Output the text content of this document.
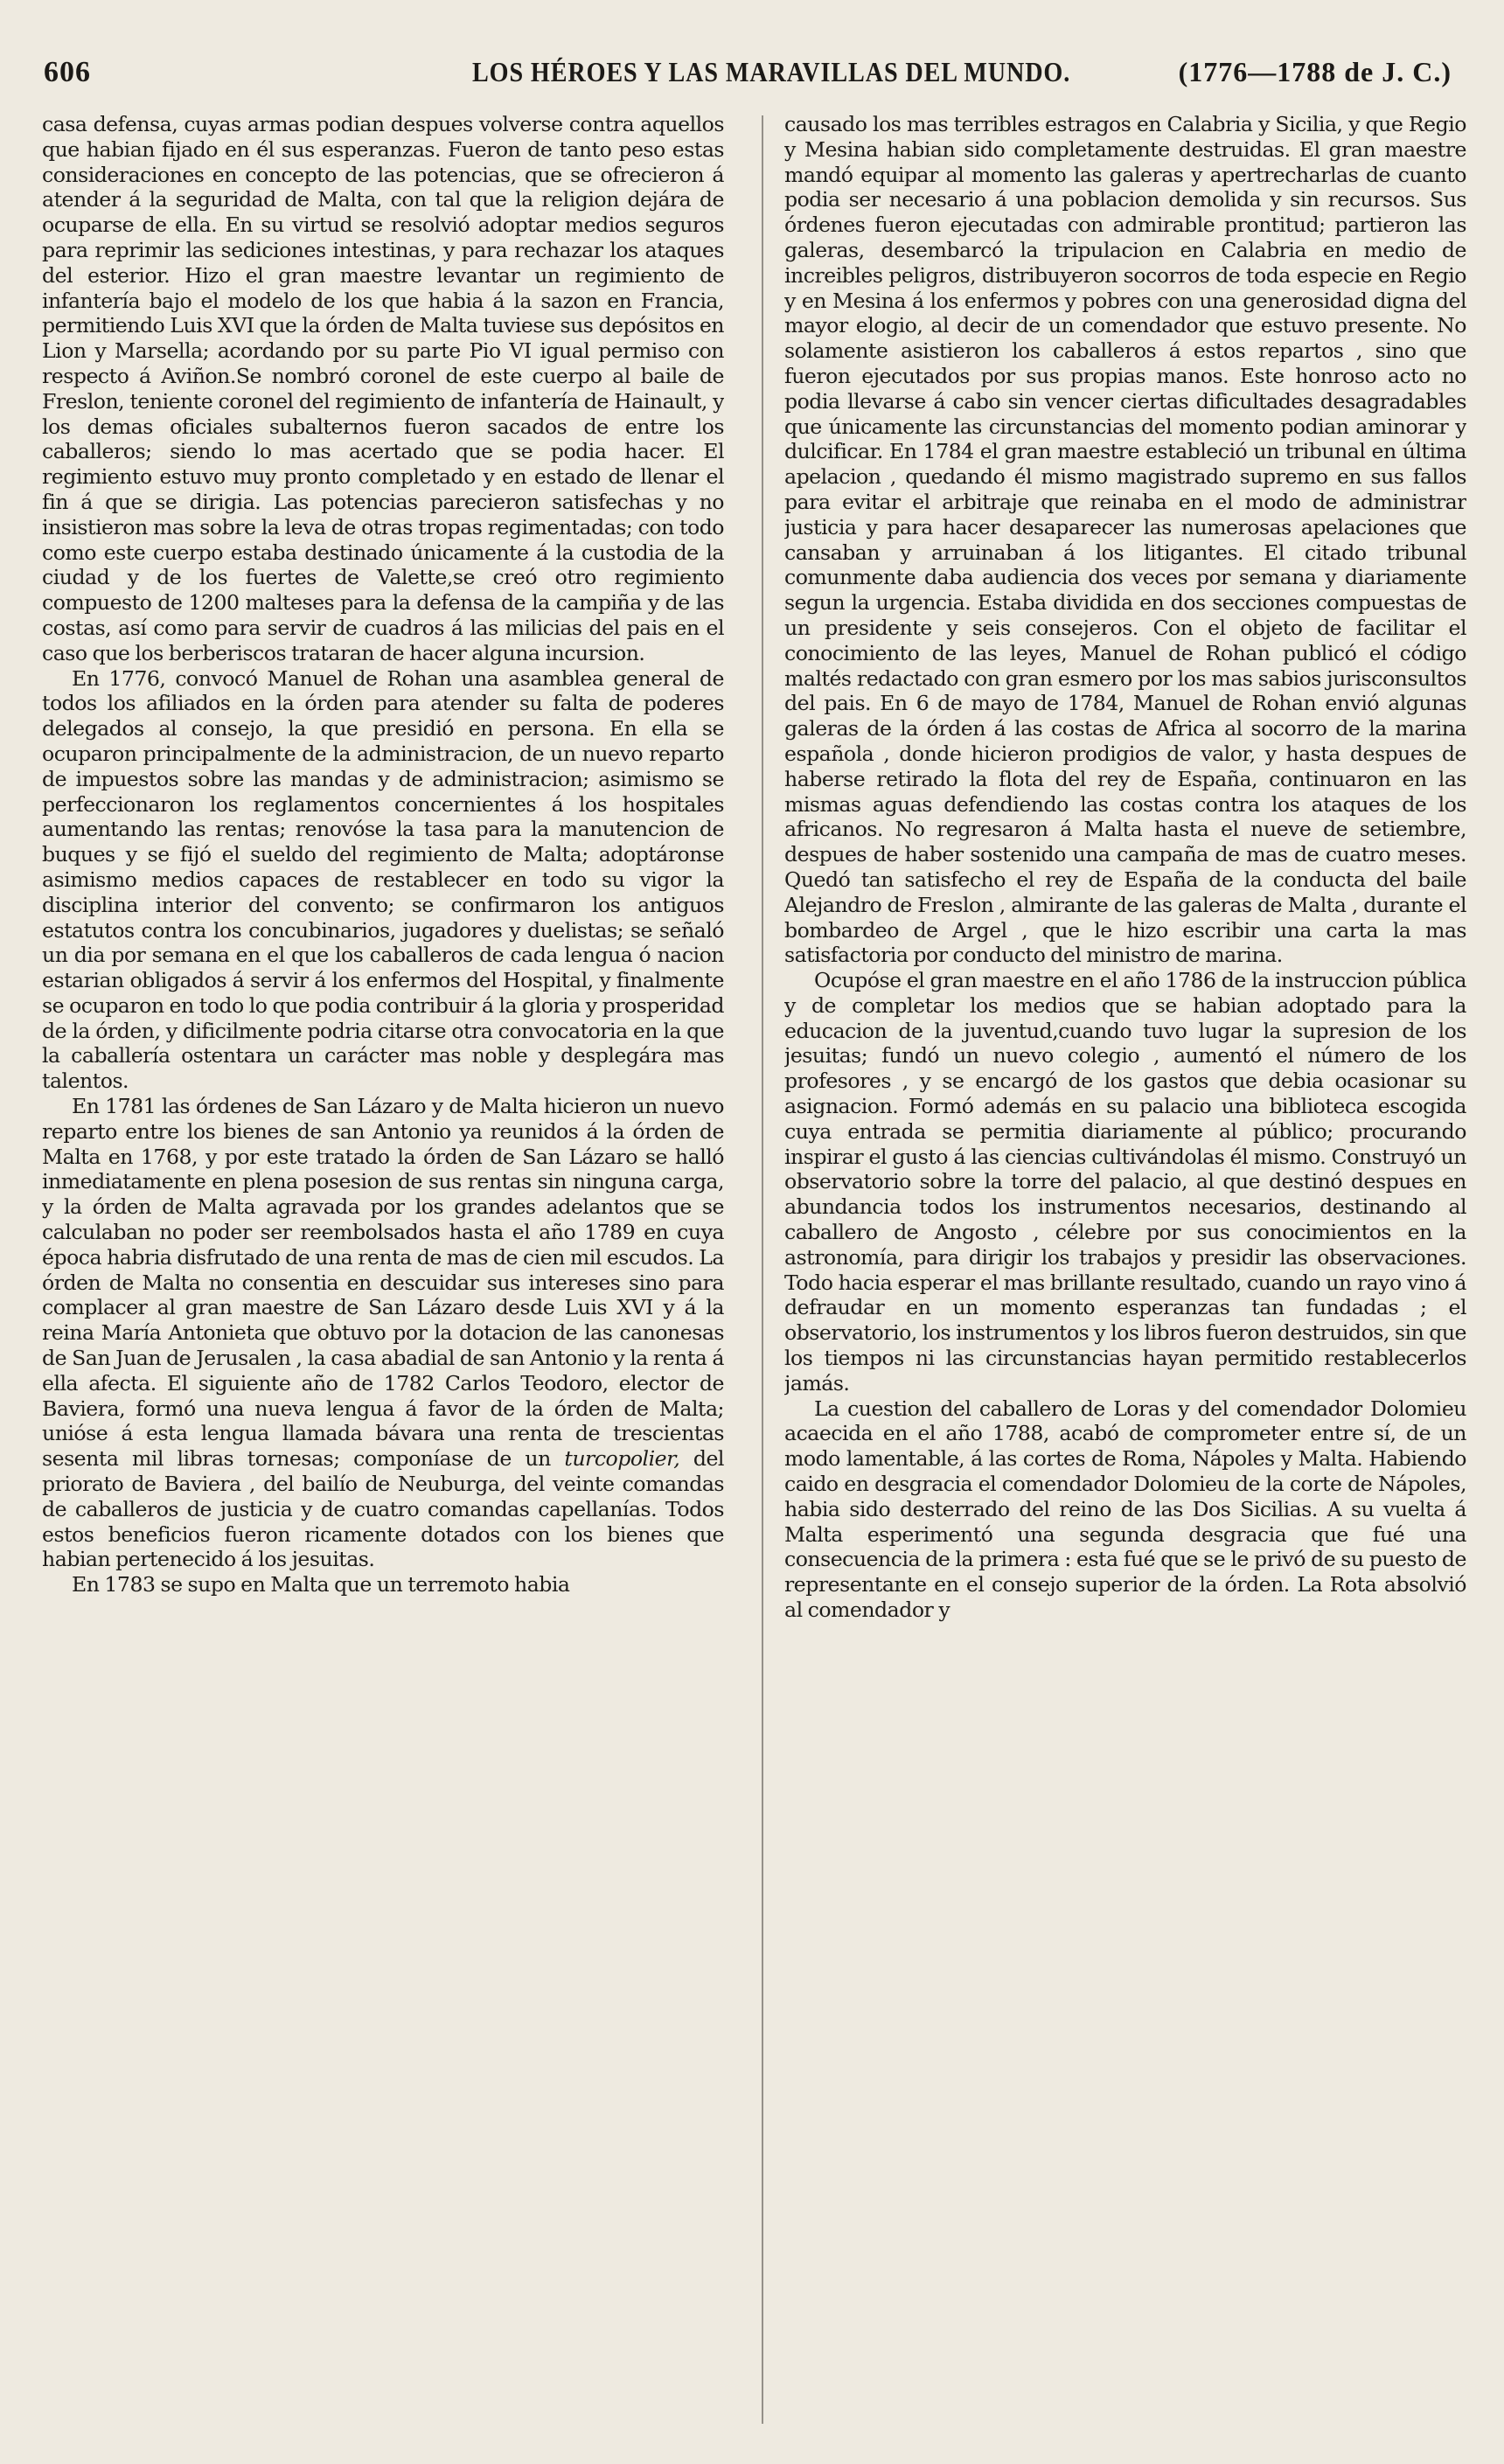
606	LOS HÉROES Y LAS MARAVILLAS DEL MUNDO.	(1776—1788 de J. C.)

casa defensa, cuyas armas podian despues volverse contra aquellos que habian fijado en él sus esperanzas. Fueron de tanto peso estas consideraciones en concepto de las potencias, que se ofrecieron á atender á la seguridad de Malta, con tal que la religion dejára de ocuparse de ella. En su virtud se resolvió adoptar medios seguros para reprimir las sediciones intestinas, y para rechazar los ataques del esterior. Hizo el gran maestre levantar un regimiento de infantería bajo el modelo de los que habia á la sazon en Francia, permitiendo Luis XVI que la órden de Malta tuviese sus depósitos en Lion y Marsella; acordando por su parte Pio VI igual permiso con respecto á Aviñon.Se nombró coronel de este cuerpo al baile de Freslon, teniente coronel del regimiento de infantería de Hainault, y los demas oficiales subalternos fueron sacados de entre los caballeros; siendo lo mas acertado que se podia hacer. El regimiento estuvo muy pronto completado y en estado de llenar el fin á que se dirigia. Las potencias parecieron satisfechas y no insistieron mas sobre la leva de otras tropas regimentadas; con todo como este cuerpo estaba destinado únicamente á la custodia de la ciudad y de los fuertes de Valette,se creó otro regimiento compuesto de 1200 malteses para la defensa de la campiña y de las costas, así como para servir de cuadros á las milicias del pais en el caso que los berberiscos trataran de hacer alguna incursion.

En 1776, convocó Manuel de Rohan una asamblea general de todos los afiliados en la órden para atender su falta de poderes delegados al consejo, la que presidió en persona. En ella se ocuparon principalmente de la administracion, de un nuevo reparto de impuestos sobre las mandas y de administracion; asimismo se perfeccionaron los reglamentos concernientes á los hospitales aumentando las rentas; renovóse la tasa para la manutencion de buques y se fijó el sueldo del regimiento de Malta; adoptáronse asimismo medios capaces de restablecer en todo su vigor la disciplina interior del convento; se confirmaron los antiguos estatutos contra los concubinarios, jugadores y duelistas; se señaló un dia por semana en el que los caballeros de cada lengua ó nacion estarian obligados á servir á los enfermos del Hospital, y finalmente se ocuparon en todo lo que podia contribuir á la gloria y prosperidad de la órden, y dificilmente podria citarse otra convocatoria en la que la caballería ostentara un carácter mas noble y desplegára mas talentos.

En 1781 las órdenes de San Lázaro y de Malta hicieron un nuevo reparto entre los bienes de san Antonio ya reunidos á la órden de Malta en 1768, y por este tratado la órden de San Lázaro se halló inmediatamente en plena posesion de sus rentas sin ninguna carga, y la órden de Malta agravada por los grandes adelantos que se calculaban no poder ser reembolsados hasta el año 1789 en cuya época habria disfrutado de una renta de mas de cien mil escudos. La órden de Malta no consentia en descuidar sus intereses sino para complacer al gran maestre de San Lázaro desde Luis XVI y á la reina María Antonieta que obtuvo por la dotacion de las canonesas de San Juan de Jerusalen , la casa abadial de san Antonio y la renta á ella afecta. El siguiente año de 1782 Carlos Teodoro, elector de Baviera, formó una nueva lengua á favor de la órden de Malta; unióse á esta lengua llamada bávara una renta de trescientas sesenta mil libras tornesas; componíase de un turcopolier, del priorato de Baviera , del bailío de Neuburga, del veinte comandas de caballeros de justicia y de cuatro comandas capellanías. Todos estos beneficios fueron ricamente dotados con los bienes que habian pertenecido á los jesuitas.

En 1783 se supo en Malta que un terremoto habia

causado los mas terribles estragos en Calabria y Sicilia, y que Regio y Mesina habian sido completamente destruidas. El gran maestre mandó equipar al momento las galeras y apertrecharlas de cuanto podia ser necesario á una poblacion demolida y sin recursos. Sus órdenes fueron ejecutadas con admirable prontitud; partieron las galeras, desembarcó la tripulacion en Calabria en medio de increibles peligros, distribuyeron socorros de toda especie en Regio y en Mesina á los enfermos y pobres con una generosidad digna del mayor elogio, al decir de un comendador que estuvo presente. No solamente asistieron los caballeros á estos repartos , sino que fueron ejecutados por sus propias manos. Este honroso acto no podia llevarse á cabo sin vencer ciertas dificultades desagradables que únicamente las circunstancias del momento podian aminorar y dulcificar. En 1784 el gran maestre estableció un tribunal en última apelacion , quedando él mismo magistrado supremo en sus fallos para evitar el arbitraje que reinaba en el modo de administrar justicia y para hacer desaparecer las numerosas apelaciones que cansaban y arruinaban á los litigantes. El citado tribunal comunmente daba audiencia dos veces por semana y diariamente segun la urgencia. Estaba dividida en dos secciones compuestas de un presidente y seis consejeros. Con el objeto de facilitar el conocimiento de las leyes, Manuel de Rohan publicó el código maltés redactado con gran esmero por los mas sabios jurisconsultos del pais. En 6 de mayo de 1784, Manuel de Rohan envió algunas galeras de la órden á las costas de Africa al socorro de la marina española , donde hicieron prodigios de valor, y hasta despues de haberse retirado la flota del rey de España, continuaron en las mismas aguas defendiendo las costas contra los ataques de los africanos. No regresaron á Malta hasta el nueve de setiembre, despues de haber sostenido una campaña de mas de cuatro meses. Quedó tan satisfecho el rey de España de la conducta del baile Alejandro de Freslon , almirante de las galeras de Malta , durante el bombardeo de Argel , que le hizo escribir una carta la mas satisfactoria por conducto del ministro de marina.

Ocupóse el gran maestre en el año 1786 de la instruccion pública y de completar los medios que se habian adoptado para la educacion de la juventud,cuando tuvo lugar la supresion de los jesuitas; fundó un nuevo colegio , aumentó el número de los profesores , y se encargó de los gastos que debia ocasionar su asignacion. Formó además en su palacio una biblioteca escogida cuya entrada se permitia diariamente al público; procurando inspirar el gusto á las ciencias cultivándolas él mismo. Construyó un observatorio sobre la torre del palacio, al que destinó despues en abundancia todos los instrumentos necesarios, destinando al caballero de Angosto , célebre por sus conocimientos en la astronomía, para dirigir los trabajos y presidir las observaciones. Todo hacia esperar el mas brillante resultado, cuando un rayo vino á defraudar en un momento esperanzas tan fundadas ; el observatorio, los instrumentos y los libros fueron destruidos, sin que los tiempos ni las circunstancias hayan permitido restablecerlos jamás.

La cuestion del caballero de Loras y del comendador Dolomieu acaecida en el año 1788, acabó de comprometer entre sí, de un modo lamentable, á las cortes de Roma, Nápoles y Malta. Habiendo caido en desgracia el comendador Dolomieu de la corte de Nápoles, habia sido desterrado del reino de las Dos Sicilias. A su vuelta á Malta esperimentó una segunda desgracia que fué una consecuencia de la primera : esta fué que se le privó de su puesto de representante en el consejo superior de la órden. La Rota absolvió al comendador y
